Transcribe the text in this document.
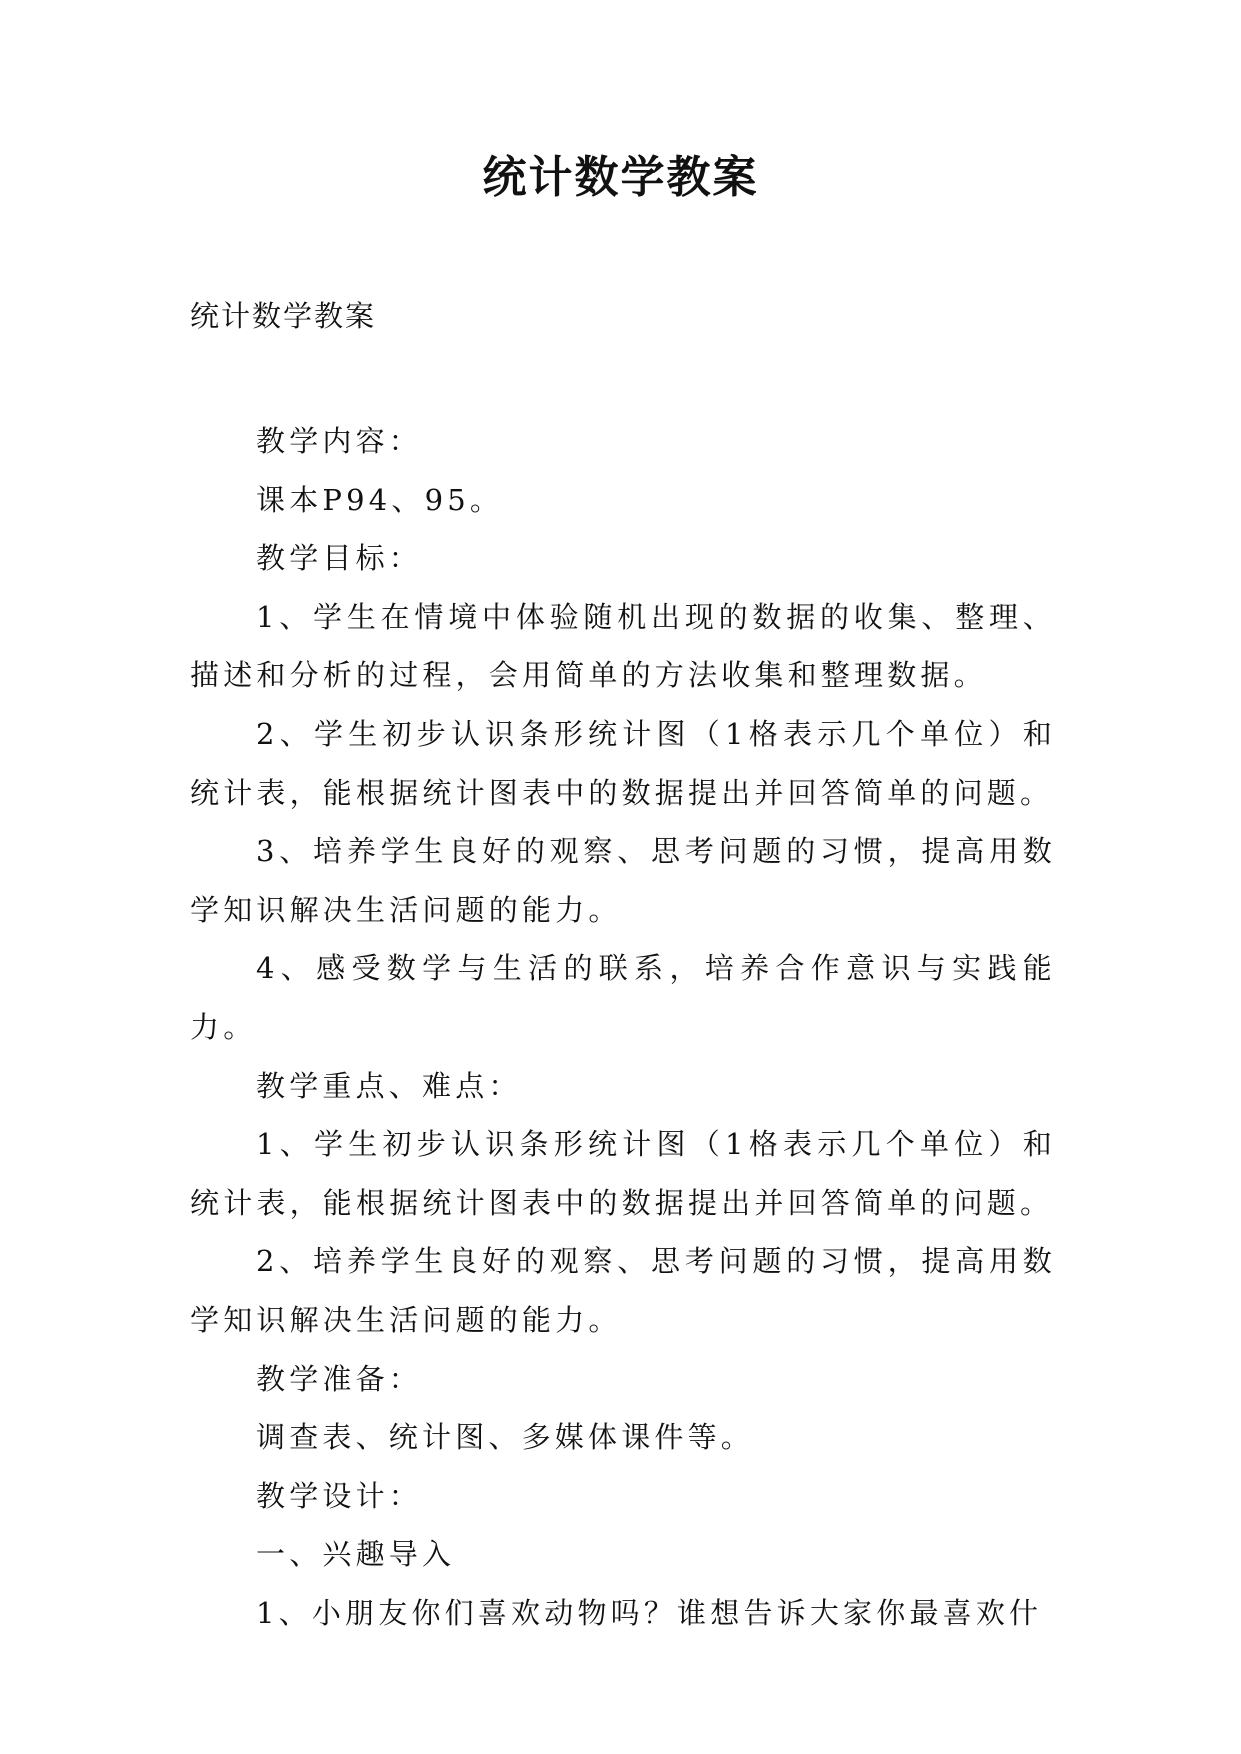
统计数学教案
统计数学教案

教学内容：

课本P94、95。

教学目标：

1、学生在情境中体验随机出现的数据的收集、整理、描述和分析的过程，会用简单的方法收集和整理数据。

2、学生初步认识条形统计图（1格表示几个单位）和统计表，能根据统计图表中的数据提出并回答简单的问题。

3、培养学生良好的观察、思考问题的习惯，提高用数学知识解决生活问题的能力。

4、感受数学与生活的联系，培养合作意识与实践能力。

教学重点、难点：

1、学生初步认识条形统计图（1格表示几个单位）和统计表，能根据统计图表中的数据提出并回答简单的问题。

2、培养学生良好的观察、思考问题的习惯，提高用数学知识解决生活问题的能力。

教学准备：

调查表、统计图、多媒体课件等。

教学设计：

一、兴趣导入

1、小朋友你们喜欢动物吗？谁想告诉大家你最喜欢什
